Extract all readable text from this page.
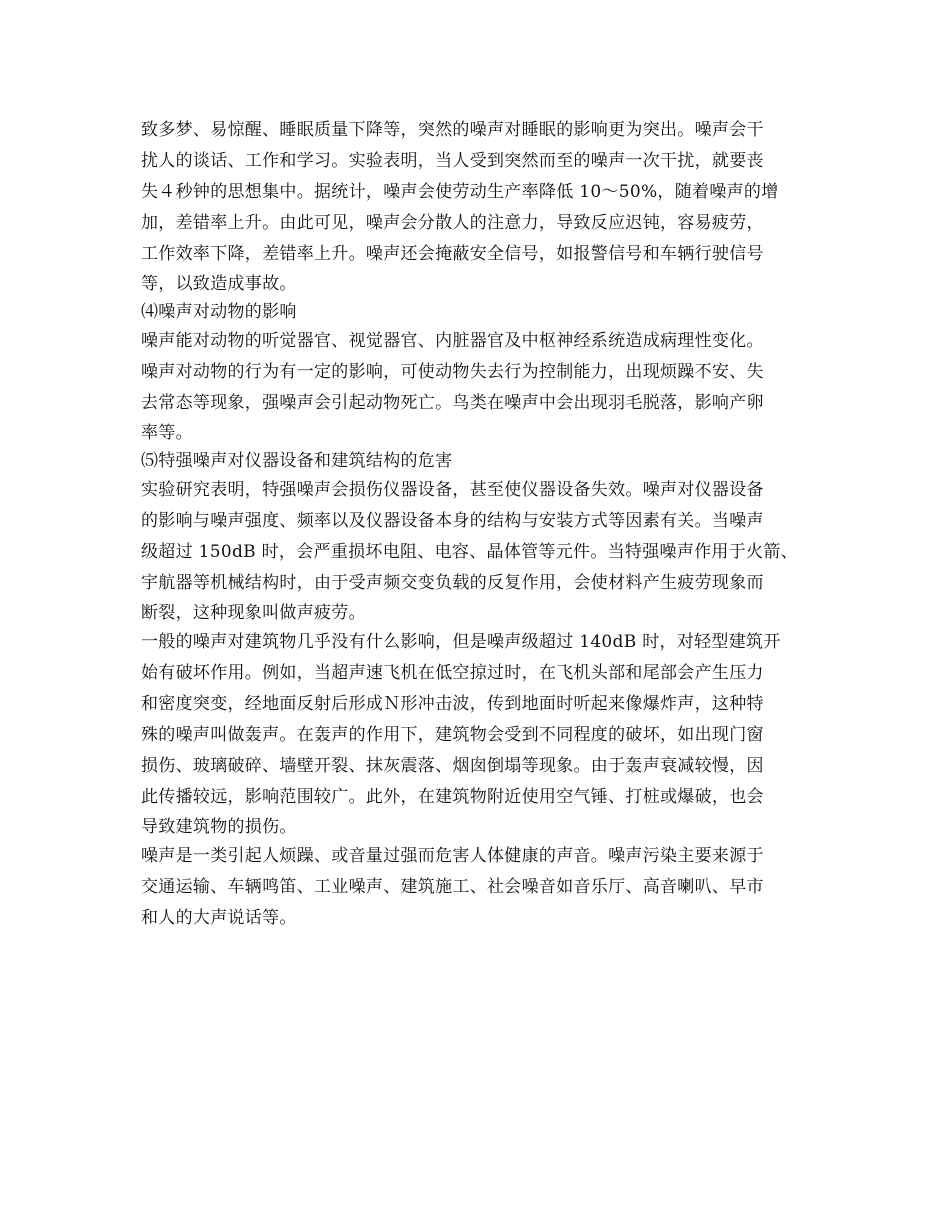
致多梦、易惊醒、睡眠质量下降等，突然的噪声对睡眠的影响更为突出。噪声会干
扰人的谈话、工作和学习。实验表明，当人受到突然而至的噪声一次干扰，就要丧
失４秒钟的思想集中。据统计，噪声会使劳动生产率降低 10～50%，随着噪声的增
加，差错率上升。由此可见，噪声会分散人的注意力，导致反应迟钝，容易疲劳，
工作效率下降，差错率上升。噪声还会掩蔽安全信号，如报警信号和车辆行驶信号
等，以致造成事故。
⑷噪声对动物的影响
噪声能对动物的听觉器官、视觉器官、内脏器官及中枢神经系统造成病理性变化。
噪声对动物的行为有一定的影响，可使动物失去行为控制能力，出现烦躁不安、失
去常态等现象，强噪声会引起动物死亡。鸟类在噪声中会出现羽毛脱落，影响产卵
率等。
⑸特强噪声对仪器设备和建筑结构的危害
实验研究表明，特强噪声会损伤仪器设备，甚至使仪器设备失效。噪声对仪器设备
的影响与噪声强度、频率以及仪器设备本身的结构与安装方式等因素有关。当噪声
级超过 150dB 时，会严重损坏电阻、电容、晶体管等元件。当特强噪声作用于火箭、
宇航器等机械结构时，由于受声频交变负载的反复作用，会使材料产生疲劳现象而
断裂，这种现象叫做声疲劳。
一般的噪声对建筑物几乎没有什么影响，但是噪声级超过 140dB 时，对轻型建筑开
始有破坏作用。例如，当超声速飞机在低空掠过时，在飞机头部和尾部会产生压力
和密度突变，经地面反射后形成Ｎ形冲击波，传到地面时听起来像爆炸声，这种特
殊的噪声叫做轰声。在轰声的作用下，建筑物会受到不同程度的破坏，如出现门窗
损伤、玻璃破碎、墙壁开裂、抹灰震落、烟囱倒塌等现象。由于轰声衰减较慢，因
此传播较远，影响范围较广。此外，在建筑物附近使用空气锤、打桩或爆破，也会
导致建筑物的损伤。
噪声是一类引起人烦躁、或音量过强而危害人体健康的声音。噪声污染主要来源于
交通运输、车辆鸣笛、工业噪声、建筑施工、社会噪音如音乐厅、高音喇叭、早市
和人的大声说话等。
